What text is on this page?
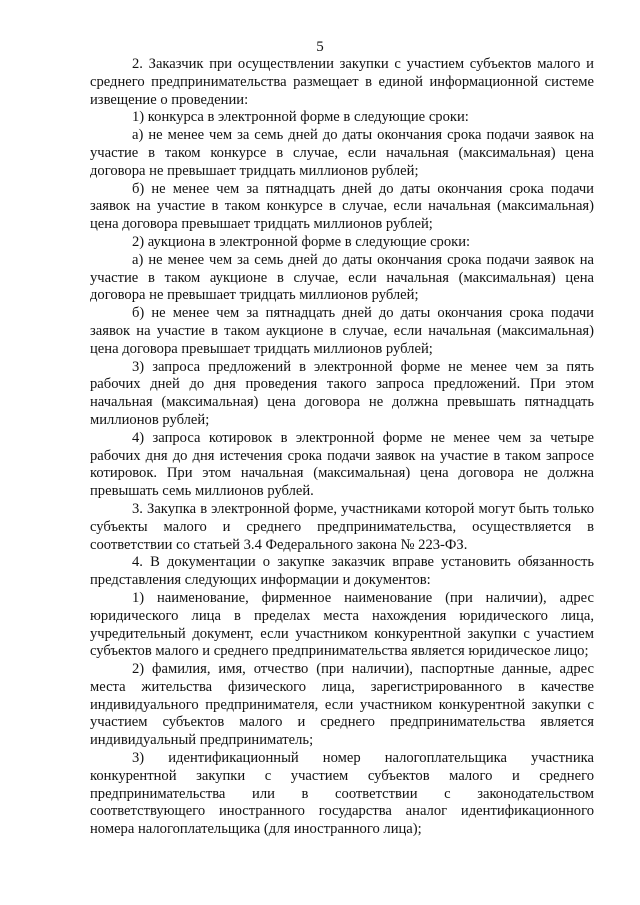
5

2. Заказчик при осуществлении закупки с участием субъектов малого и среднего предпринимательства размещает в единой информационной системе извещение о проведении:

1) конкурса в электронной форме в следующие сроки:

а) не менее чем за семь дней до даты окончания срока подачи заявок на участие в таком конкурсе в случае, если начальная (максимальная) цена договора не превышает тридцать миллионов рублей;

б) не менее чем за пятнадцать дней до даты окончания срока подачи заявок на участие в таком конкурсе в случае, если начальная (максимальная) цена договора превышает тридцать миллионов рублей;

2) аукциона в электронной форме в следующие сроки:

а) не менее чем за семь дней до даты окончания срока подачи заявок на участие в таком аукционе в случае, если начальная (максимальная) цена договора не превышает тридцать миллионов рублей;

б) не менее чем за пятнадцать дней до даты окончания срока подачи заявок на участие в таком аукционе в случае, если начальная (максимальная) цена договора превышает тридцать миллионов рублей;

3) запроса предложений в электронной форме не менее чем за пять рабочих дней до дня проведения такого запроса предложений. При этом начальная (максимальная) цена договора не должна превышать пятнадцать миллионов рублей;

4) запроса котировок в электронной форме не менее чем за четыре рабочих дня до дня истечения срока подачи заявок на участие в таком запросе котировок. При этом начальная (максимальная) цена договора не должна превышать семь миллионов рублей.

3. Закупка в электронной форме, участниками которой могут быть только субъекты малого и среднего предпринимательства, осуществляется в соответствии со статьей 3.4 Федерального закона № 223-ФЗ.

4. В документации о закупке заказчик вправе установить обязанность представления следующих информации и документов:

1) наименование, фирменное наименование (при наличии), адрес юридического лица в пределах места нахождения юридического лица, учредительный документ, если участником конкурентной закупки с участием субъектов малого и среднего предпринимательства является юридическое лицо;

2) фамилия, имя, отчество (при наличии), паспортные данные, адрес места жительства физического лица, зарегистрированного в качестве индивидуального предпринимателя, если участником конкурентной закупки с участием субъектов малого и среднего предпринимательства является индивидуальный предприниматель;

3) идентификационный номер налогоплательщика участника конкурентной закупки с участием субъектов малого и среднего предпринимательства или в соответствии с законодательством соответствующего иностранного государства аналог идентификационного номера налогоплательщика (для иностранного лица);
